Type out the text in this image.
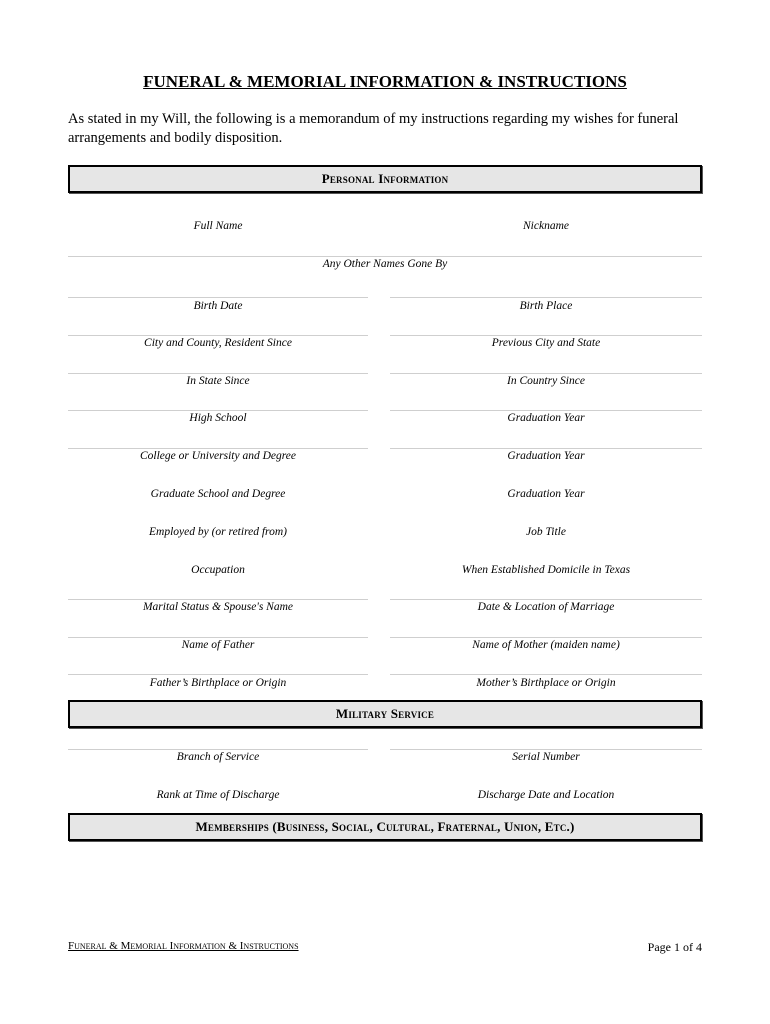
FUNERAL & MEMORIAL INFORMATION & INSTRUCTIONS
As stated in my Will, the following is a memorandum of my instructions regarding my wishes for funeral arrangements and bodily disposition.
Personal Information
Full Name	Nickname
Any Other Names Gone By
Birth Date	Birth Place
City and County, Resident Since	Previous City and State
In State Since	In Country Since
High School	Graduation Year
College or University and Degree	Graduation Year
Graduate School and Degree	Graduation Year
Employed by (or retired from)	Job Title
Occupation	When Established Domicile in Texas
Marital Status & Spouse's Name	Date & Location of Marriage
Name of Father	Name of Mother (maiden name)
Father’s Birthplace or Origin	Mother’s Birthplace or Origin
Military Service
Branch of Service	Serial Number
Rank at Time of Discharge	Discharge Date and Location
Memberships (Business, Social, Cultural, Fraternal, Union, Etc.)
Funeral & Memorial Information & Instructions	Page 1 of 4
